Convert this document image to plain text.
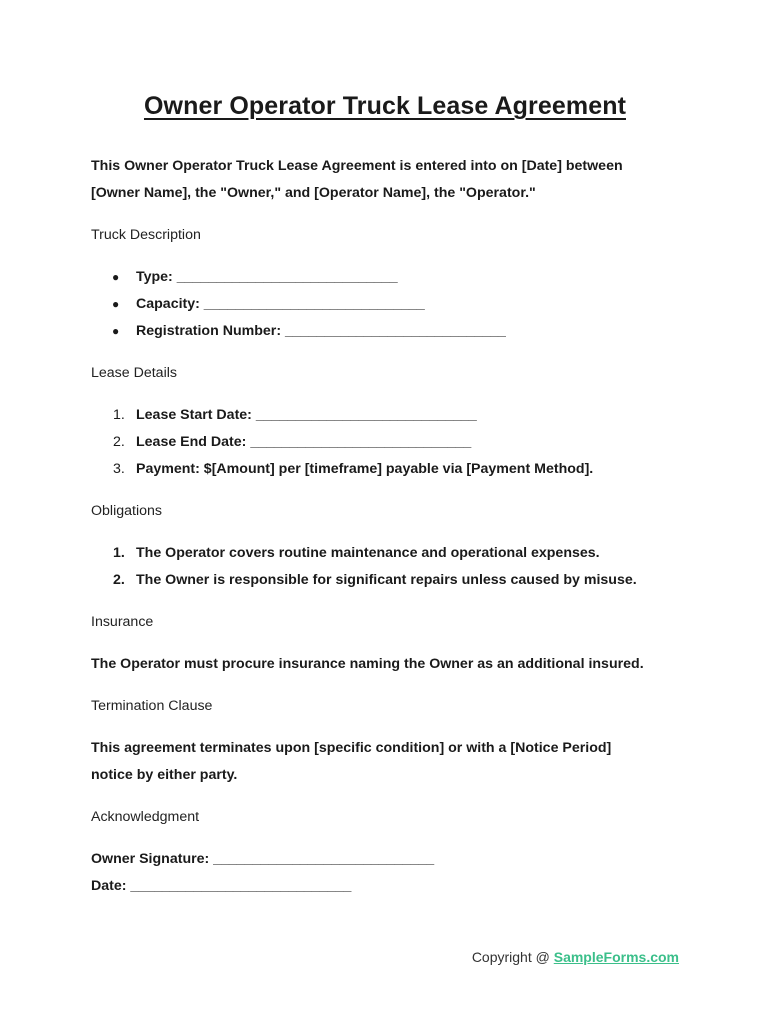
Owner Operator Truck Lease Agreement

This Owner Operator Truck Lease Agreement is entered into on [Date] between

[Owner Name], the "Owner," and [Operator Name], the "Operator."

Truck Description

● Type: ____________________________
● Capacity: ____________________________
● Registration Number: ____________________________

Lease Details

1. Lease Start Date: ____________________________
2. Lease End Date: ____________________________
3. Payment: $[Amount] per [timeframe] payable via [Payment Method].

Obligations

1. The Operator covers routine maintenance and operational expenses.
2. The Owner is responsible for significant repairs unless caused by misuse.

Insurance

The Operator must procure insurance naming the Owner as an additional insured.

Termination Clause

This agreement terminates upon [specific condition] or with a [Notice Period]

notice by either party.

Acknowledgment

Owner Signature: ____________________________

Date: ____________________________

Copyright @ SampleForms.com
